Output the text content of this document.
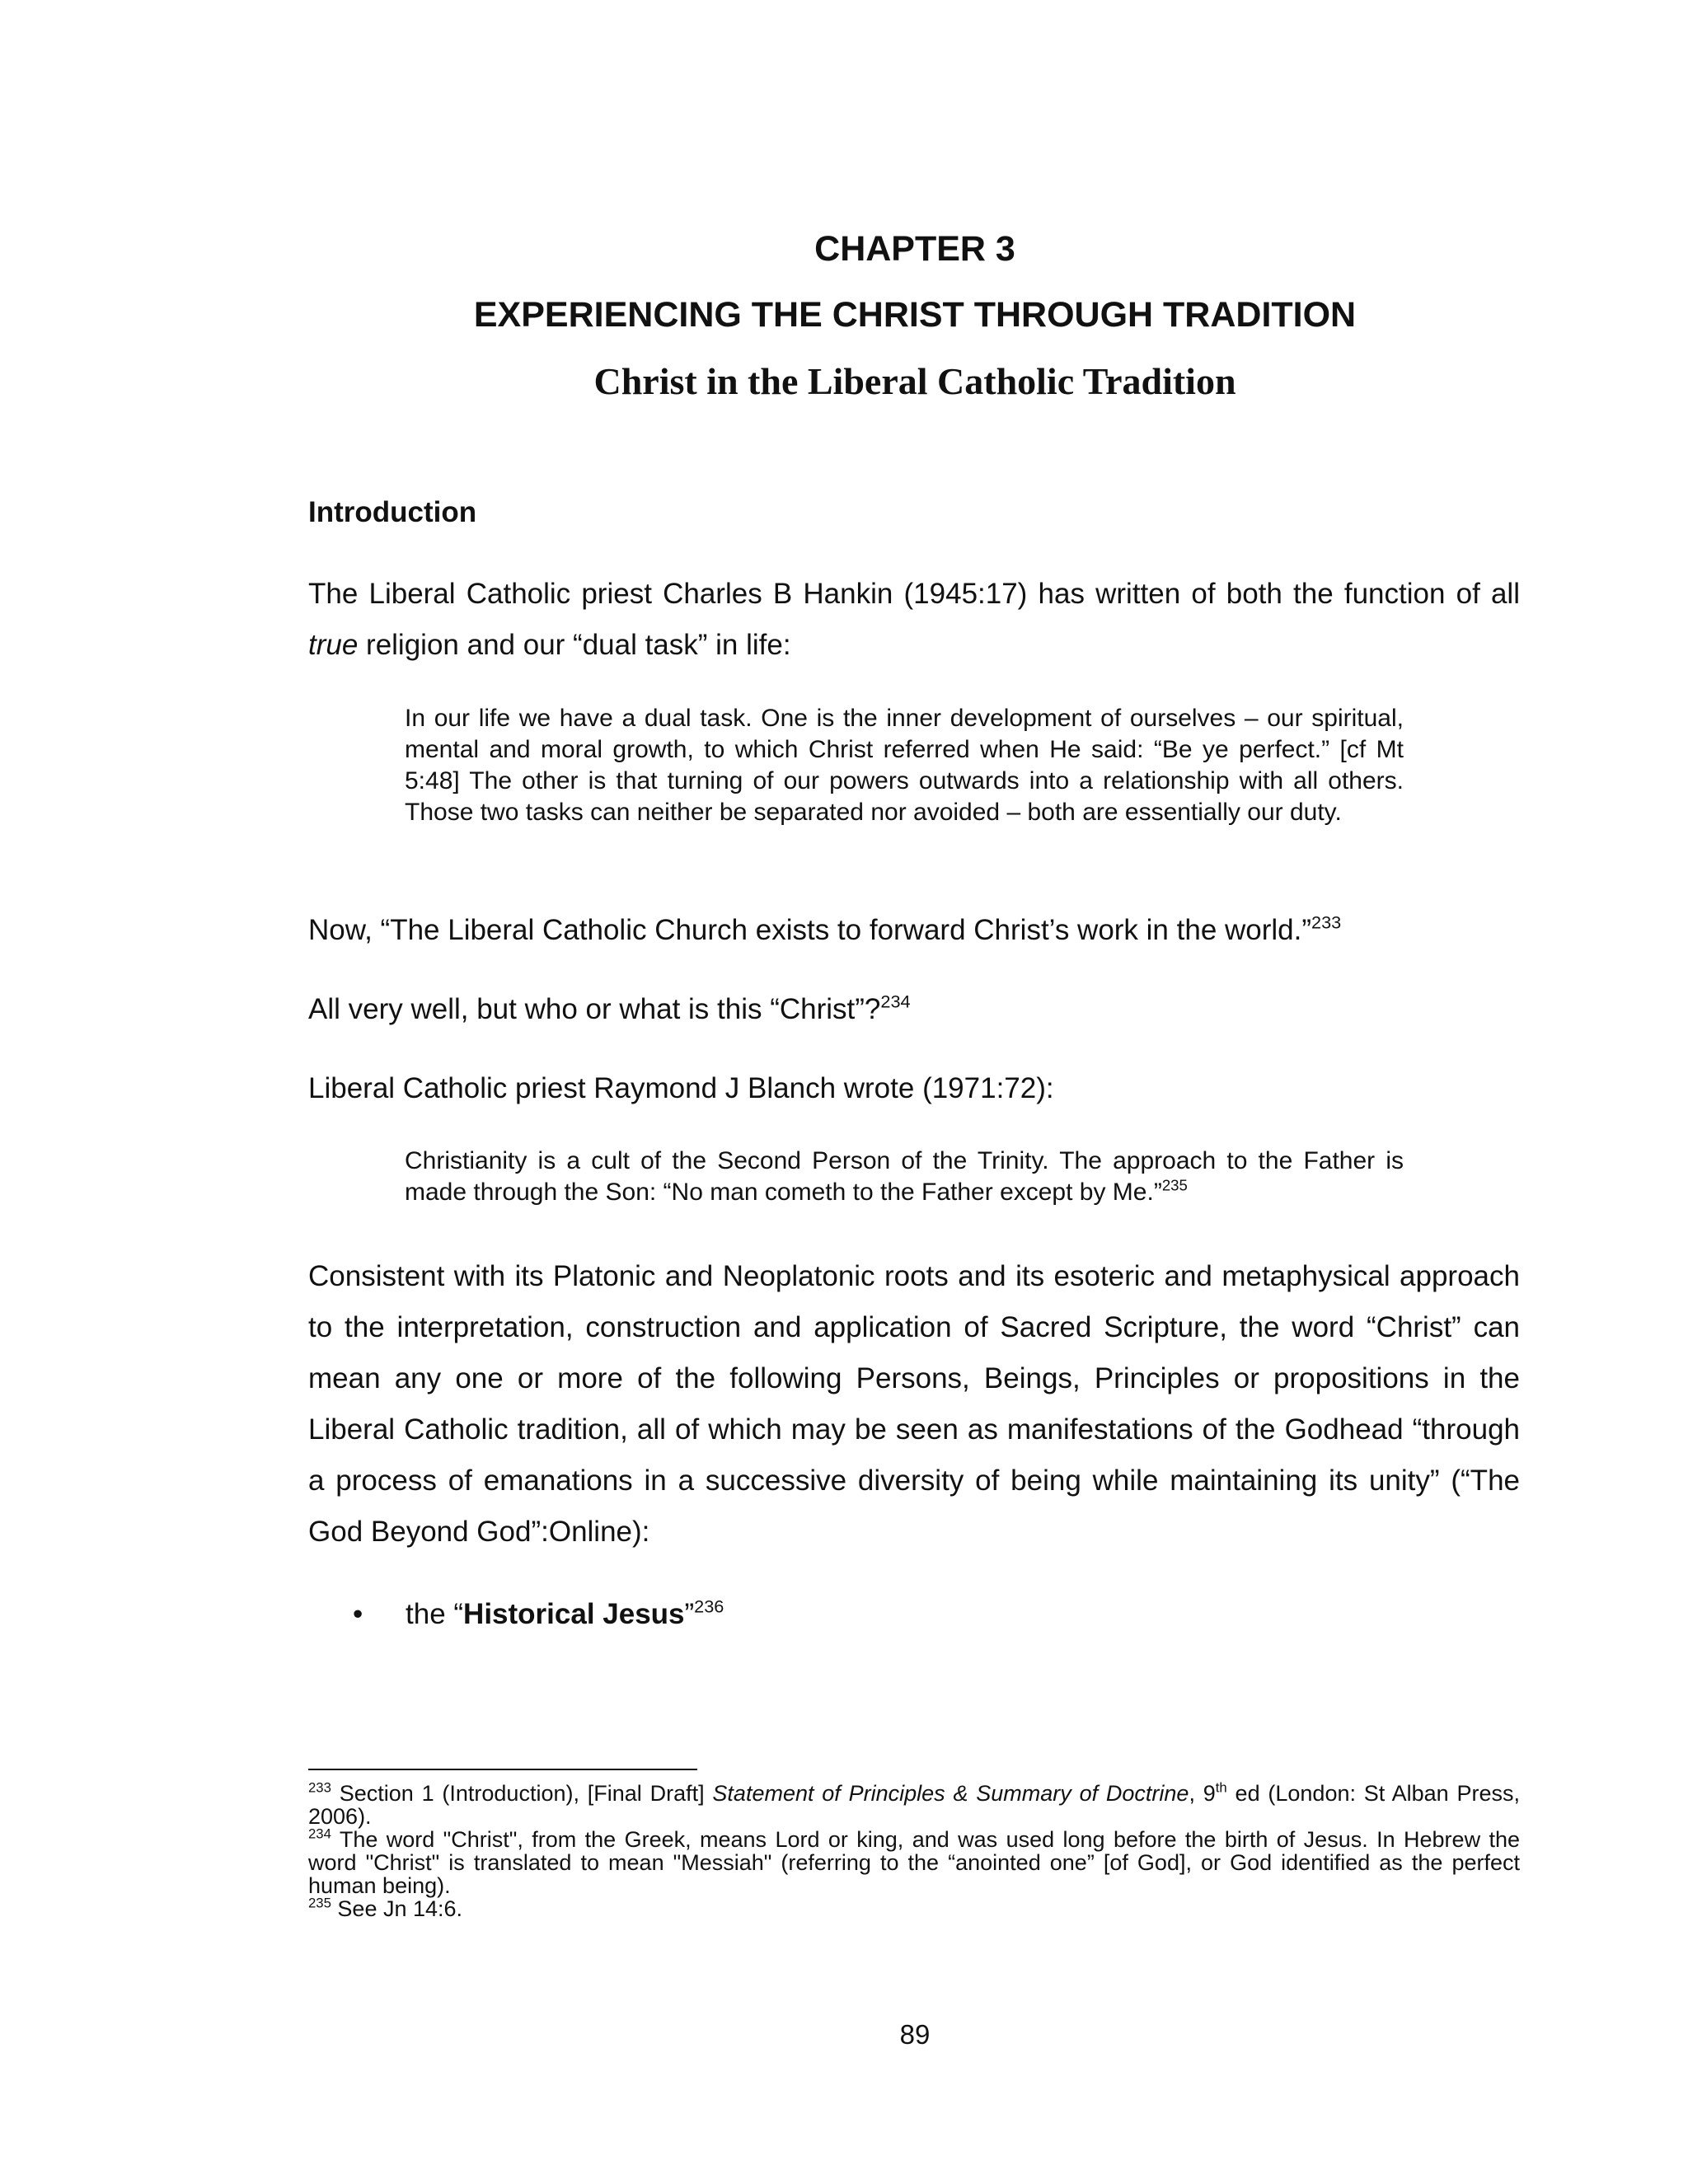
CHAPTER 3
EXPERIENCING THE CHRIST THROUGH TRADITION
Christ in the Liberal Catholic Tradition
Introduction
The Liberal Catholic priest Charles B Hankin (1945:17) has written of both the function of all true religion and our “dual task” in life:
In our life we have a dual task. One is the inner development of ourselves – our spiritual, mental and moral growth, to which Christ referred when He said: “Be ye perfect.” [cf Mt 5:48] The other is that turning of our powers outwards into a relationship with all others. Those two tasks can neither be separated nor avoided – both are essentially our duty.
Now, “The Liberal Catholic Church exists to forward Christ’s work in the world.”$^{233}$
All very well, but who or what is this “Christ”?$^{234}$
Liberal Catholic priest Raymond J Blanch wrote (1971:72):
Christianity is a cult of the Second Person of the Trinity. The approach to the Father is made through the Son: “No man cometh to the Father except by Me.”$^{235}$
Consistent with its Platonic and Neoplatonic roots and its esoteric and metaphysical approach to the interpretation, construction and application of Sacred Scripture, the word “Christ” can mean any one or more of the following Persons, Beings, Principles or propositions in the Liberal Catholic tradition, all of which may be seen as manifestations of the Godhead “through a process of emanations in a successive diversity of being while maintaining its unity” (“The God Beyond God”:Online):
• the “Historical Jesus”$^{236}$

$^{233}$ Section 1 (Introduction), [Final Draft] Statement of Principles & Summary of Doctrine, 9th ed (London: St Alban Press, 2006).

$^{234}$ The word "Christ", from the Greek, means Lord or king, and was used long before the birth of Jesus. In Hebrew the word "Christ" is translated to mean "Messiah" (referring to the “anointed one” [of God], or God identified as the perfect human being).

$^{235}$ See Jn 14:6.

89
